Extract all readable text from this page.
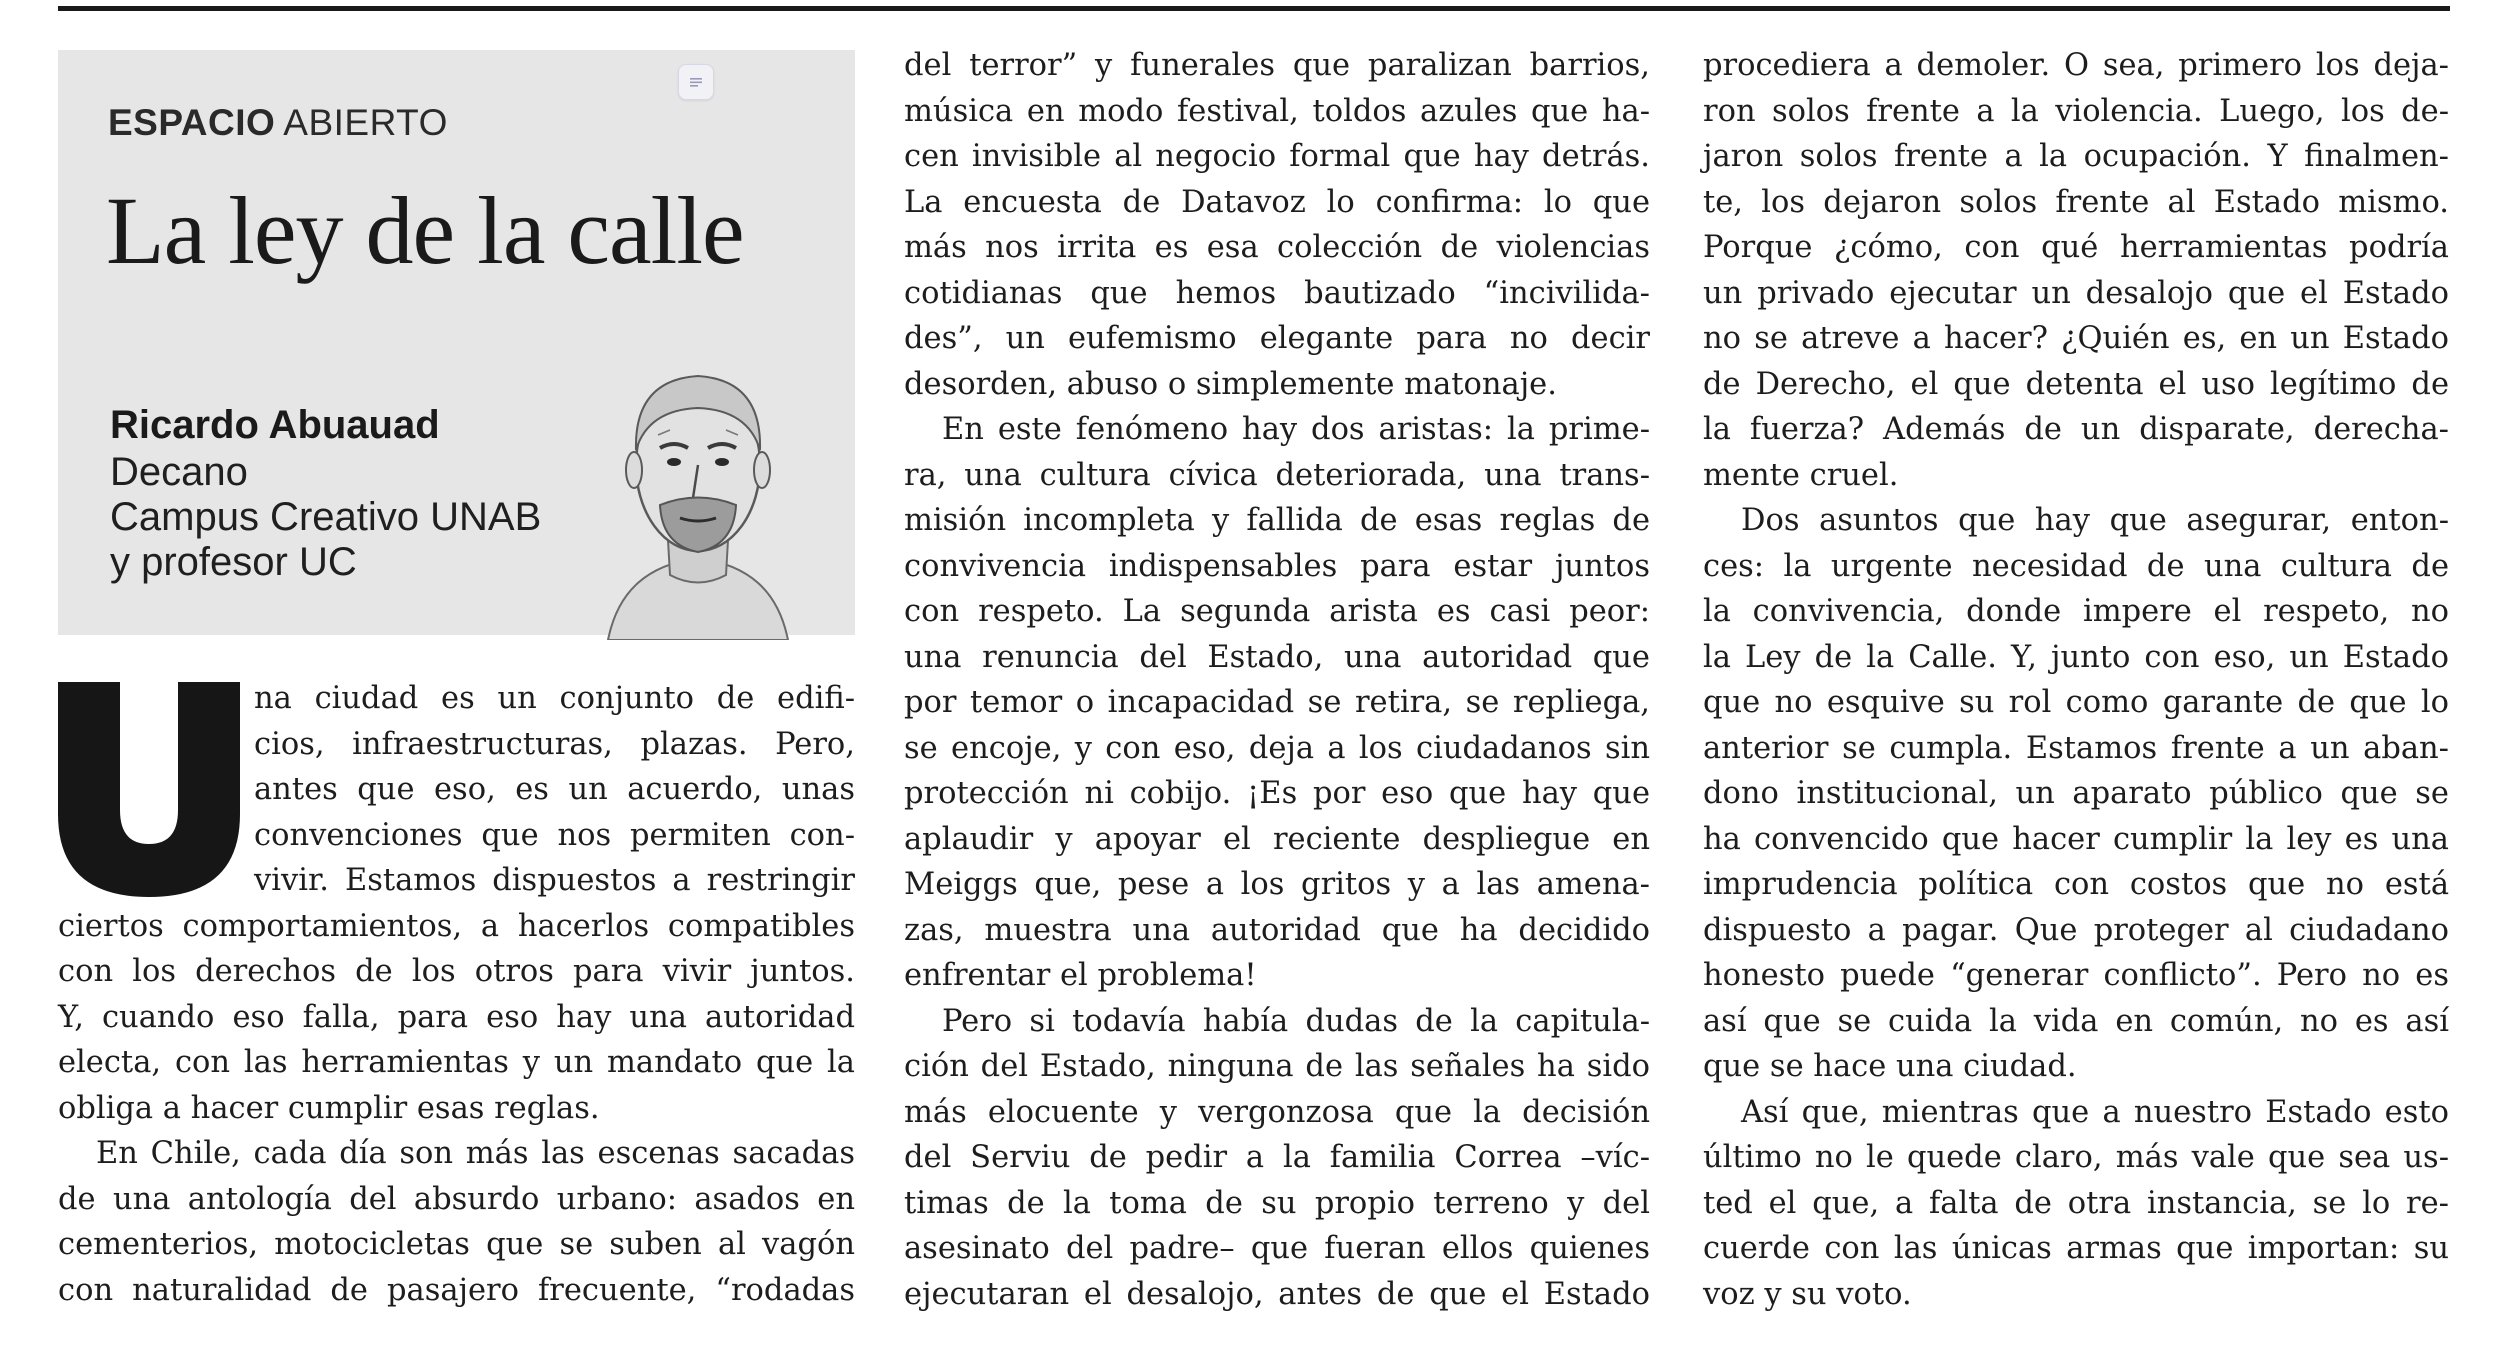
ESPACIO ABIERTO
La ley de la calle
Ricardo Abuauad
Decano
Campus Creativo UNAB
y profesor UC
na ciudad es un conjunto de edifi-
cios, infraestructuras, plazas. Pero,
antes que eso, es un acuerdo, unas
convenciones que nos permiten con-
vivir. Estamos dispuestos a restringir
ciertos comportamientos, a hacerlos compatibles
con los derechos de los otros para vivir juntos.
Y, cuando eso falla, para eso hay una autoridad
electa, con las herramientas y un mandato que la
obliga a hacer cumplir esas reglas.
En Chile, cada día son más las escenas sacadas
de una antología del absurdo urbano: asados en
cementerios, motocicletas que se suben al vagón
con naturalidad de pasajero frecuente, “rodadas
del terror” y funerales que paralizan barrios,
música en modo festival, toldos azules que ha-
cen invisible al negocio formal que hay detrás.
La encuesta de Datavoz lo confirma: lo que
más nos irrita es esa colección de violencias
cotidianas que hemos bautizado “incivilida-
des”, un eufemismo elegante para no decir
desorden, abuso o simplemente matonaje.
En este fenómeno hay dos aristas: la prime-
ra, una cultura cívica deteriorada, una trans-
misión incompleta y fallida de esas reglas de
convivencia indispensables para estar juntos
con respeto. La segunda arista es casi peor:
una renuncia del Estado, una autoridad que
por temor o incapacidad se retira, se repliega,
se encoje, y con eso, deja a los ciudadanos sin
protección ni cobijo. ¡Es por eso que hay que
aplaudir y apoyar el reciente despliegue en
Meiggs que, pese a los gritos y a las amena-
zas, muestra una autoridad que ha decidido
enfrentar el problema!
Pero si todavía había dudas de la capitula-
ción del Estado, ninguna de las señales ha sido
más elocuente y vergonzosa que la decisión
del Serviu de pedir a la familia Correa –víc-
timas de la toma de su propio terreno y del
asesinato del padre– que fueran ellos quienes
ejecutaran el desalojo, antes de que el Estado
procediera a demoler. O sea, primero los deja-
ron solos frente a la violencia. Luego, los de-
jaron solos frente a la ocupación. Y finalmen-
te, los dejaron solos frente al Estado mismo.
Porque ¿cómo, con qué herramientas podría
un privado ejecutar un desalojo que el Estado
no se atreve a hacer? ¿Quién es, en un Estado
de Derecho, el que detenta el uso legítimo de
la fuerza? Además de un disparate, derecha-
mente cruel.
Dos asuntos que hay que asegurar, enton-
ces: la urgente necesidad de una cultura de
la convivencia, donde impere el respeto, no
la Ley de la Calle. Y, junto con eso, un Estado
que no esquive su rol como garante de que lo
anterior se cumpla. Estamos frente a un aban-
dono institucional, un aparato público que se
ha convencido que hacer cumplir la ley es una
imprudencia política con costos que no está
dispuesto a pagar. Que proteger al ciudadano
honesto puede “generar conflicto”. Pero no es
así que se cuida la vida en común, no es así
que se hace una ciudad.
Así que, mientras que a nuestro Estado esto
último no le quede claro, más vale que sea us-
ted el que, a falta de otra instancia, se lo re-
cuerde con las únicas armas que importan: su
voz y su voto.
